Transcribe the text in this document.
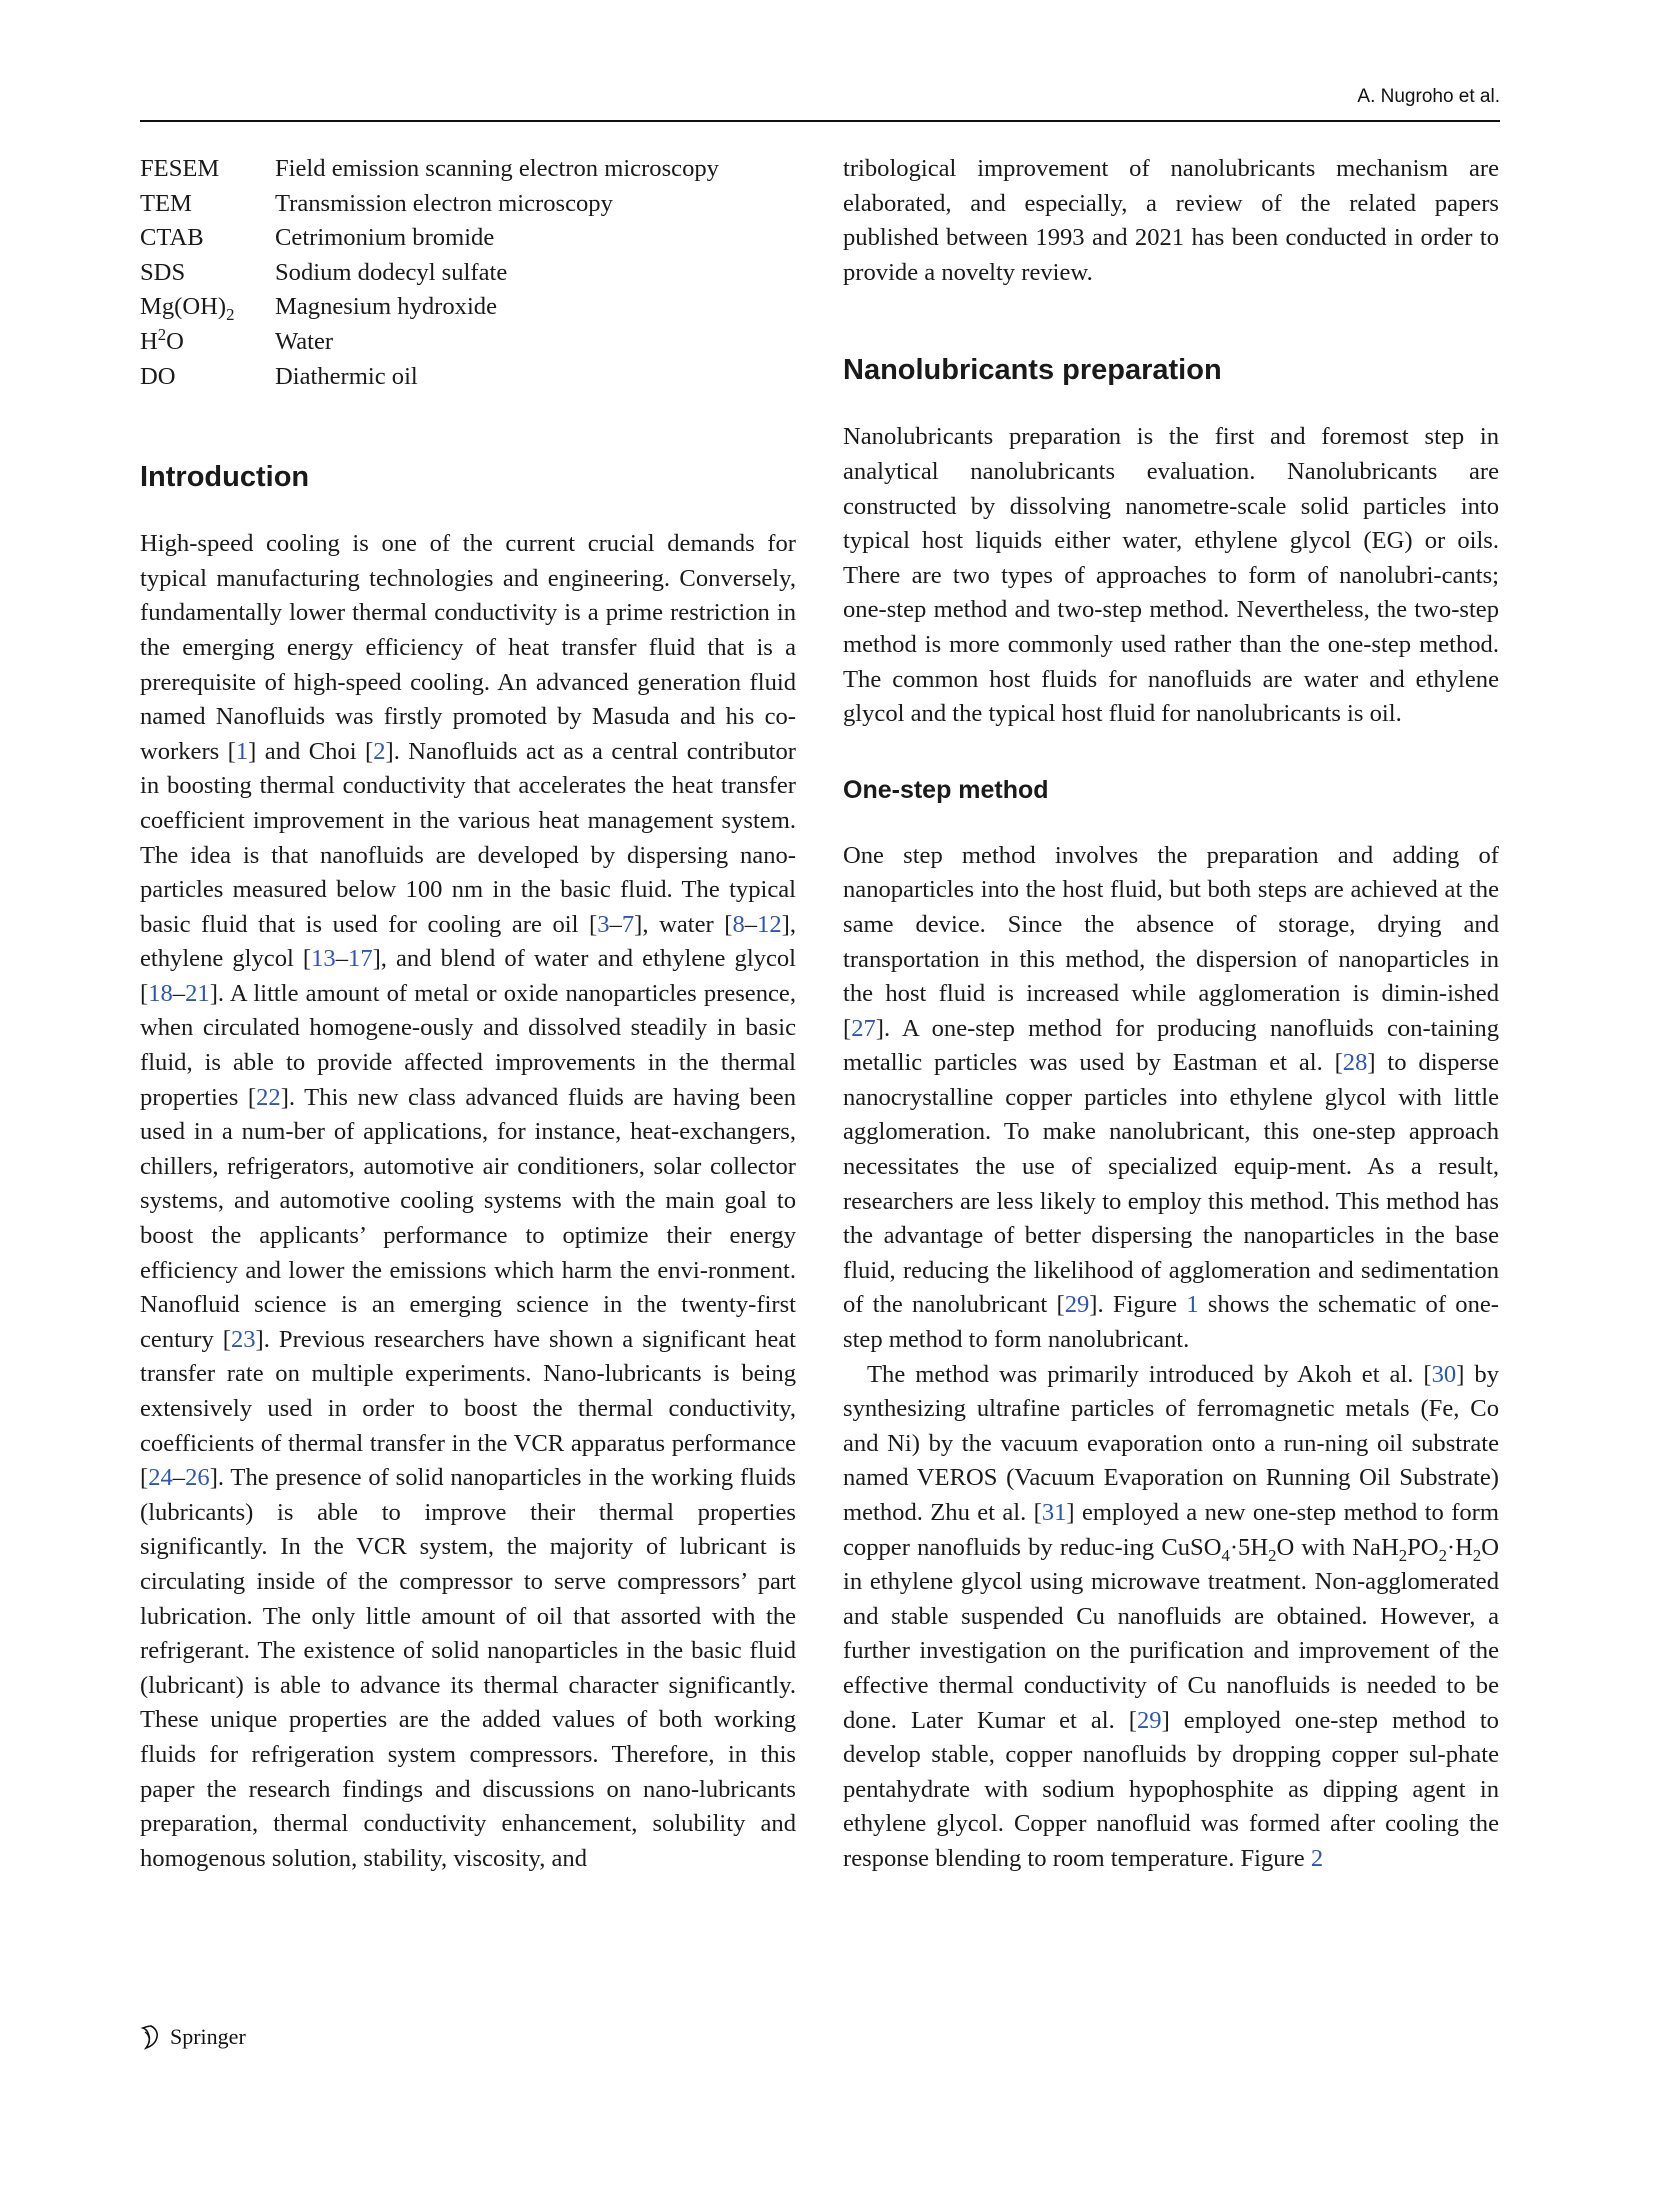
A. Nugroho et al.
FESEM	Field emission scanning electron microscopy
TEM	Transmission electron microscopy
CTAB	Cetrimonium bromide
SDS	Sodium dodecyl sulfate
$Mg(OH)_2$	Magnesium hydroxide
$H^2O$	Water
DO	Diathermic oil
Introduction

High-speed cooling is one of the current crucial demands for typical manufacturing technologies and engineering. Conversely, fundamentally lower thermal conductivity is a prime restriction in the emerging energy efficiency of heat transfer fluid that is a prerequisite of high-speed cooling. An advanced generation fluid named Nanofluids was firstly promoted by Masuda and his co-workers [1] and Choi [2]. Nanofluids act as a central contributor in boosting thermal conductivity that accelerates the heat transfer coefficient improvement in the various heat management system. The idea is that nanofluids are developed by dispersing nano-particles measured below 100 nm in the basic fluid. The typical basic fluid that is used for cooling are oil [3–7], water [8–12], ethylene glycol [13–17], and blend of water and ethylene glycol [18–21]. A little amount of metal or oxide nanoparticles presence, when circulated homogene-ously and dissolved steadily in basic fluid, is able to provide affected improvements in the thermal properties [22]. This new class advanced fluids are having been used in a num-ber of applications, for instance, heat-exchangers, chillers, refrigerators, automotive air conditioners, solar collector systems, and automotive cooling systems with the main goal to boost the applicants’ performance to optimize their energy efficiency and lower the emissions which harm the envi-ronment. Nanofluid science is an emerging science in the twenty-first century [23]. Previous researchers have shown a significant heat transfer rate on multiple experiments. Nano-lubricants is being extensively used in order to boost the thermal conductivity, coefficients of thermal transfer in the VCR apparatus performance [24–26]. The presence of solid nanoparticles in the working fluids (lubricants) is able to improve their thermal properties significantly. In the VCR system, the majority of lubricant is circulating inside of the compressor to serve compressors’ part lubrication. The only little amount of oil that assorted with the refrigerant. The existence of solid nanoparticles in the basic fluid (lubricant) is able to advance its thermal character significantly. These unique properties are the added values of both working fluids for refrigeration system compressors. Therefore, in this paper the research findings and discussions on nano-lubricants preparation, thermal conductivity enhancement, solubility and homogenous solution, stability, viscosity, and

tribological improvement of nanolubricants mechanism are elaborated, and especially, a review of the related papers published between 1993 and 2021 has been conducted in order to provide a novelty review.

Nanolubricants preparation

Nanolubricants preparation is the first and foremost step in analytical nanolubricants evaluation. Nanolubricants are constructed by dissolving nanometre-scale solid particles into typical host liquids either water, ethylene glycol (EG) or oils. There are two types of approaches to form of nanolubri-cants; one-step method and two-step method. Nevertheless, the two-step method is more commonly used rather than the one-step method. The common host fluids for nanofluids are water and ethylene glycol and the typical host fluid for nanolubricants is oil.

One-step method

One step method involves the preparation and adding of nanoparticles into the host fluid, but both steps are achieved at the same device. Since the absence of storage, drying and transportation in this method, the dispersion of nanoparticles in the host fluid is increased while agglomeration is dimin-ished [27]. A one-step method for producing nanofluids con-taining metallic particles was used by Eastman et al. [28] to disperse nanocrystalline copper particles into ethylene glycol with little agglomeration. To make nanolubricant, this one-step approach necessitates the use of specialized equip-ment. As a result, researchers are less likely to employ this method. This method has the advantage of better dispersing the nanoparticles in the base fluid, reducing the likelihood of agglomeration and sedimentation of the nanolubricant [29]. Figure 1 shows the schematic of one-step method to form nanolubricant.

The method was primarily introduced by Akoh et al. [30] by synthesizing ultrafine particles of ferromagnetic metals (Fe, Co and Ni) by the vacuum evaporation onto a run-ning oil substrate named VEROS (Vacuum Evaporation on Running Oil Substrate) method. Zhu et al. [31] employed a new one-step method to form copper nanofluids by reduc-ing $CuSO_4\cdot 5H_2O$ with $NaH_2PO_2\cdot H_2O$ in ethylene glycol using microwave treatment. Non-agglomerated and stable suspended Cu nanofluids are obtained. However, a further investigation on the purification and improvement of the effective thermal conductivity of Cu nanofluids is needed to be done. Later Kumar et al. [29] employed one-step method to develop stable, copper nanofluids by dropping copper sul-phate pentahydrate with sodium hypophosphite as dipping agent in ethylene glycol. Copper nanofluid was formed after cooling the response blending to room temperature. Figure 2

Springer
